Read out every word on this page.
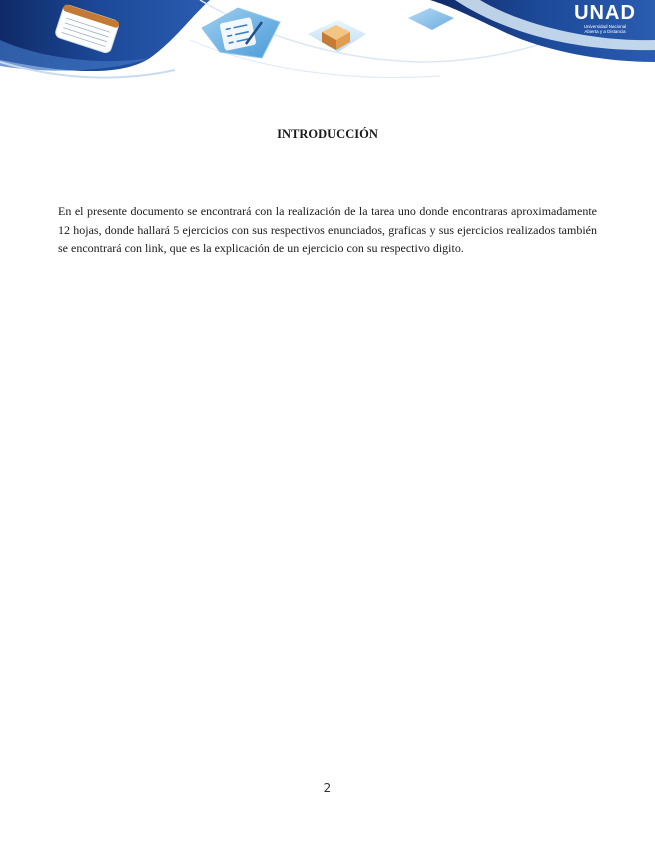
UNAD
Universidad Nacional
Abierta y a Distancia
INTRODUCCIÓN

En el presente documento se encontrará con la realización de la tarea uno donde encontraras aproximadamente 12 hojas, donde hallará 5 ejercicios con sus respectivos enunciados, graficas y sus ejercicios realizados también se encontrará con link, que es la explicación de un ejercicio con su respectivo digito.

2
